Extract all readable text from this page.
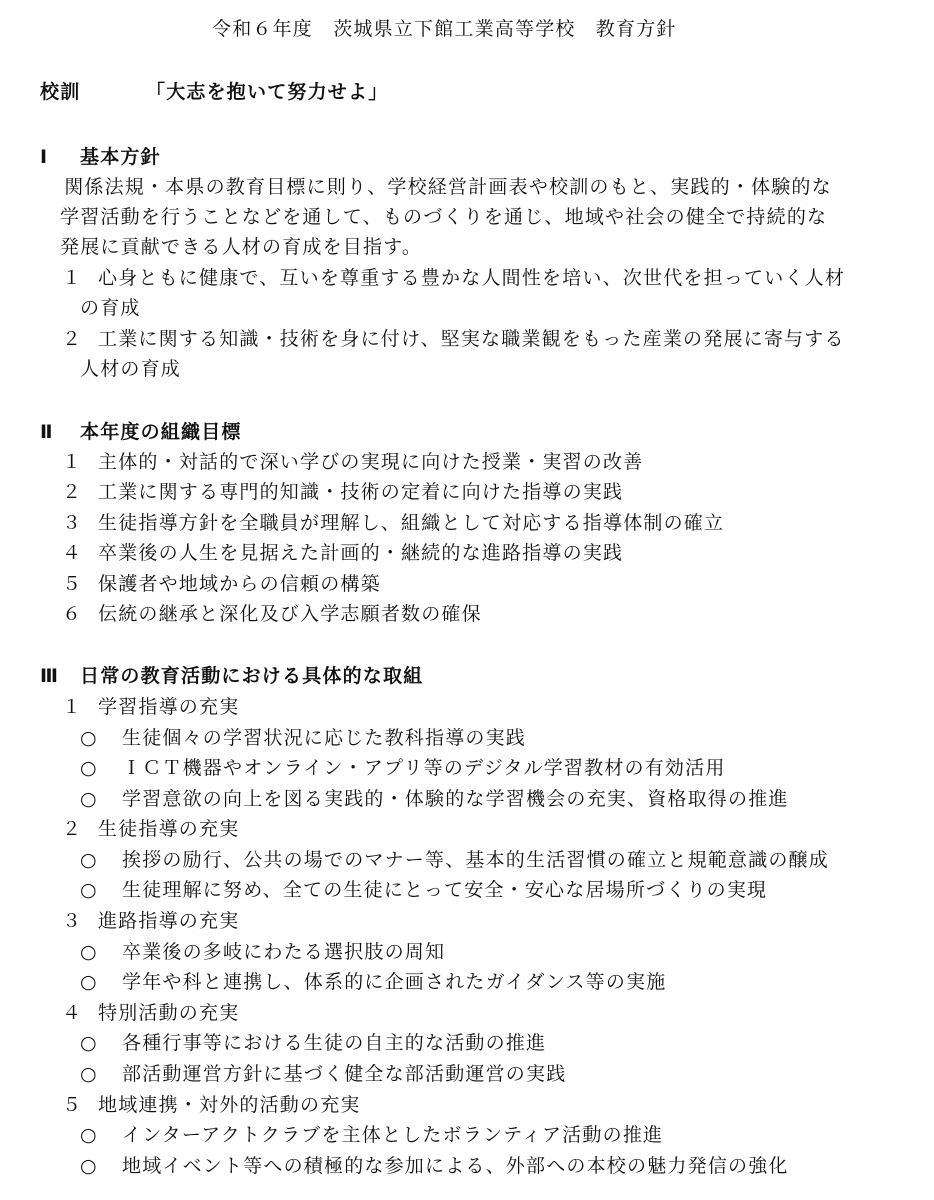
令和６年度　茨城県立下館工業高等学校　教育方針
校訓	「大志を抱いて努力せよ」
Ⅰ 基本方針
　関係法規・本県の教育目標に則り、学校経営計画表や校訓のもと、実践的・体験的な
学習活動を行うことなどを通して、ものづくりを通じ、地域や社会の健全で持続的な
発展に貢献できる人材の育成を目指す。
１ 心身ともに健康で、互いを尊重する豊かな人間性を培い、次世代を担っていく人材
の育成
２ 工業に関する知識・技術を身に付け、堅実な職業観をもった産業の発展に寄与する
人材の育成
Ⅱ 本年度の組織目標
１ 主体的・対話的で深い学びの実現に向けた授業・実習の改善
２ 工業に関する専門的知識・技術の定着に向けた指導の実践
３ 生徒指導方針を全職員が理解し、組織として対応する指導体制の確立
４ 卒業後の人生を見据えた計画的・継続的な進路指導の実践
５ 保護者や地域からの信頼の構築
６ 伝統の継承と深化及び入学志願者数の確保
Ⅲ 日常の教育活動における具体的な取組
１ 学習指導の充実
○ 生徒個々の学習状況に応じた教科指導の実践
○ ＩＣＴ機器やオンライン・アプリ等のデジタル学習教材の有効活用
○ 学習意欲の向上を図る実践的・体験的な学習機会の充実、資格取得の推進
２ 生徒指導の充実
○ 挨拶の励行、公共の場でのマナー等、基本的生活習慣の確立と規範意識の醸成
○ 生徒理解に努め、全ての生徒にとって安全・安心な居場所づくりの実現
３ 進路指導の充実
○ 卒業後の多岐にわたる選択肢の周知
○ 学年や科と連携し、体系的に企画されたガイダンス等の実施
４ 特別活動の充実
○ 各種行事等における生徒の自主的な活動の推進
○ 部活動運営方針に基づく健全な部活動運営の実践
５ 地域連携・対外的活動の充実
○ インターアクトクラブを主体としたボランティア活動の推進
○ 地域イベント等への積極的な参加による、外部への本校の魅力発信の強化
